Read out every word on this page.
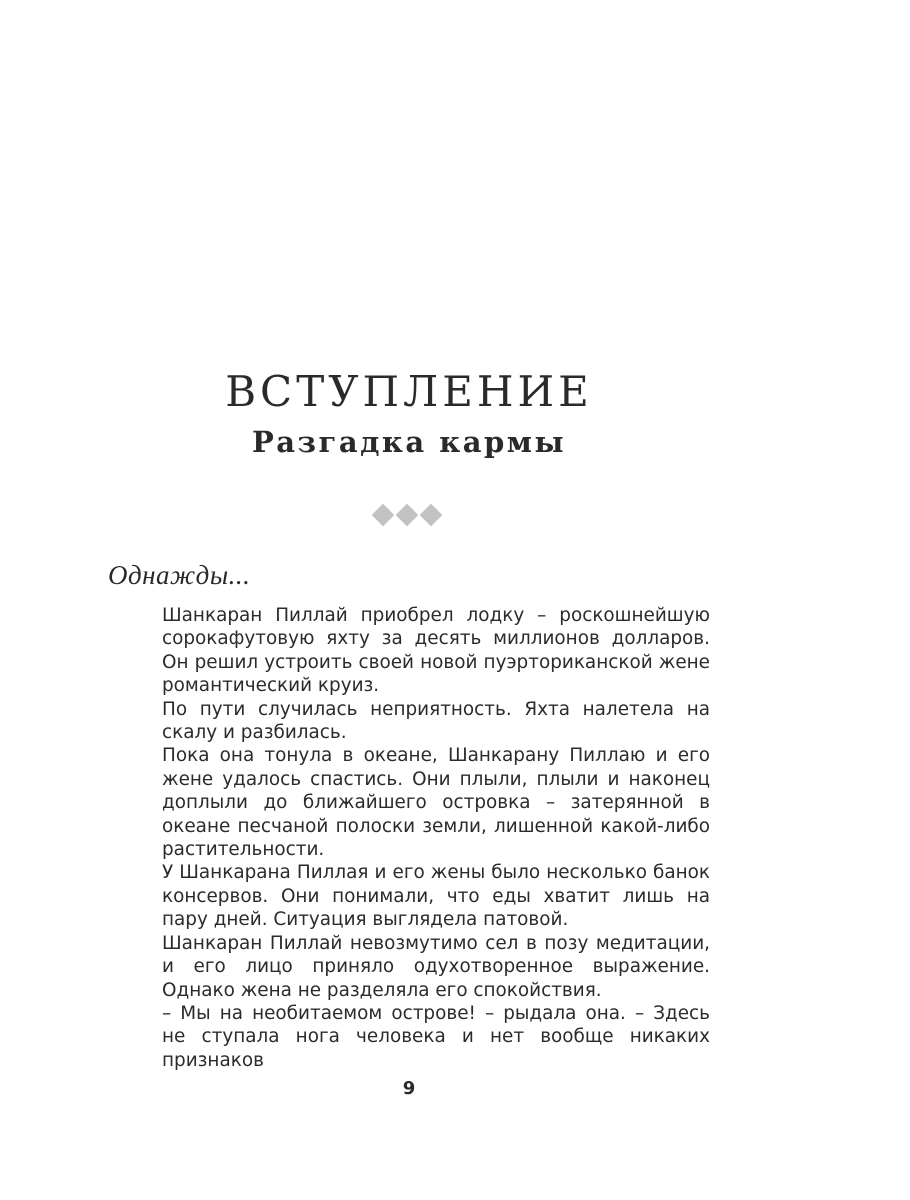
ВСТУПЛЕНИЕ
Разгадка кармы
Однажды...

Шанкаран Пиллай приобрел лодку – роскошнейшую сорокафутовую яхту за десять миллионов долларов. Он решил устроить своей новой пуэрториканской жене романтический круиз.

По пути случилась неприятность. Яхта налетела на скалу и разбилась.

Пока она тонула в океане, Шанкарану Пиллаю и его жене удалось спастись. Они плыли, плыли и наконец доплыли до ближайшего островка – затерянной в океане песчаной полоски земли, лишенной какой-либо растительности.

У Шанкарана Пиллая и его жены было несколько банок консервов. Они понимали, что еды хватит лишь на пару дней. Ситуация выглядела патовой.

Шанкаран Пиллай невозмутимо сел в позу медитации, и его лицо приняло одухотворенное выражение. Однако жена не разделяла его спокойствия.

– Мы на необитаемом острове! – рыдала она. – Здесь не ступала нога человека и нет вообще никаких признаков

9
